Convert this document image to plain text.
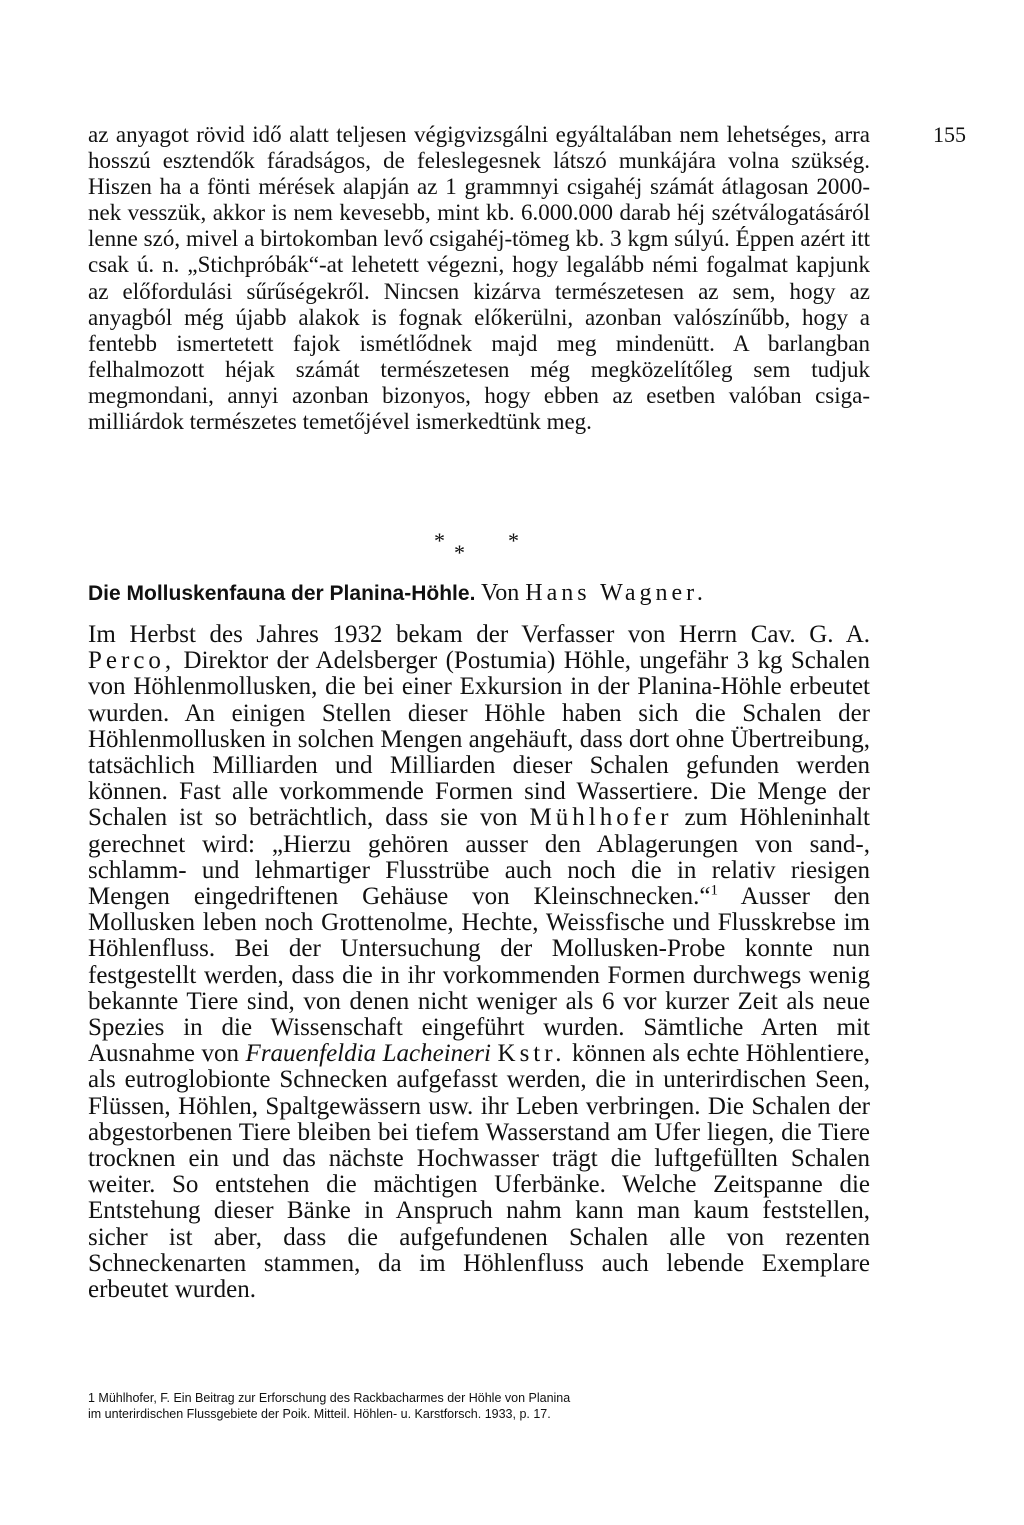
155

az anyagot rövid idő alatt teljesen végigvizsgálni egyáltalában nem lehetséges, arra hosszú esztendők fáradságos, de feleslegesnek látszó munkájára volna szükség. Hiszen ha a fönti mérések alapján az 1 grammnyi csigahéj számát átlagosan 2000-nek vesszük, akkor is nem kevesebb, mint kb. 6.000.000 darab héj szétválogatásáról lenne szó, mivel a birtokomban levő csigahéj-tömeg kb. 3 kgm súlyú. Éppen azért itt csak ú. n. „Stichpróbák“-at lehetett végezni, hogy legalább némi fogalmat kapjunk az előfordulási sűrűségekről. Nincsen kizárva természetesen az sem, hogy az anyagból még újabb alakok is fognak előkerülni, azonban valószínűbb, hogy a fentebb ismertetett fajok ismétlődnek majd meg mindenütt. A barlangban felhalmozott héjak számát természetesen még megközelítőleg sem tudjuk megmondani, annyi azonban bizonyos, hogy ebben az esetben valóban csiga-milliárdok természetes temetőjével ismerkedtünk meg.

* * *
Die Molluskenfauna der Planina-Höhle. Von Hans Wagner.

Im Herbst des Jahres 1932 bekam der Verfasser von Herrn Cav. G. A. Perco, Direktor der Adelsberger (Postumia) Höhle, ungefähr 3 kg Schalen von Höhlenmollusken, die bei einer Exkursion in der Planina-Höhle erbeutet wurden. An einigen Stellen dieser Höhle haben sich die Schalen der Höhlenmollusken in solchen Mengen angehäuft, dass dort ohne Übertreibung, tatsächlich Milliarden und Milliarden dieser Schalen gefunden werden können. Fast alle vorkommende Formen sind Wassertiere. Die Menge der Schalen ist so beträchtlich, dass sie von Mühlhofer zum Höhleninhalt gerechnet wird: „Hierzu gehören ausser den Ablagerungen von sand-, schlamm- und lehmartiger Flusstrübe auch noch die in relativ riesigen Mengen eingedriftenen Gehäuse von Kleinschnecken.“$^1$ Ausser den Mollusken leben noch Grottenolme, Hechte, Weissfische und Flusskrebse im Höhlenfluss. Bei der Untersuchung der Mollusken-Probe konnte nun festgestellt werden, dass die in ihr vorkommenden Formen durchwegs wenig bekannte Tiere sind, von denen nicht weniger als 6 vor kurzer Zeit als neue Spezies in die Wissenschaft eingeführt wurden. Sämtliche Arten mit Ausnahme von Frauenfeldia Lacheineri Kstr. können als echte Höhlentiere, als eutroglobionte Schnecken aufgefasst werden, die in unterirdischen Seen, Flüssen, Höhlen, Spaltgewässern usw. ihr Leben verbringen. Die Schalen der abgestorbenen Tiere bleiben bei tiefem Wasserstand am Ufer liegen, die Tiere trocknen ein und das nächste Hochwasser trägt die luftgefüllten Schalen weiter. So entstehen die mächtigen Uferbänke. Welche Zeitspanne die Entstehung dieser Bänke in Anspruch nahm kann man kaum feststellen, sicher ist aber, dass die aufgefundenen Schalen alle von rezenten Schneckenarten stammen, da im Höhlenfluss auch lebende Exemplare erbeutet wurden.

1 Mühlhofer, F. Ein Beitrag zur Erforschung des Rackbacharmes der Höhle von Planina
im unterirdischen Flussgebiete der Poik. Mitteil. Höhlen- u. Karstforsch. 1933, p. 17.
